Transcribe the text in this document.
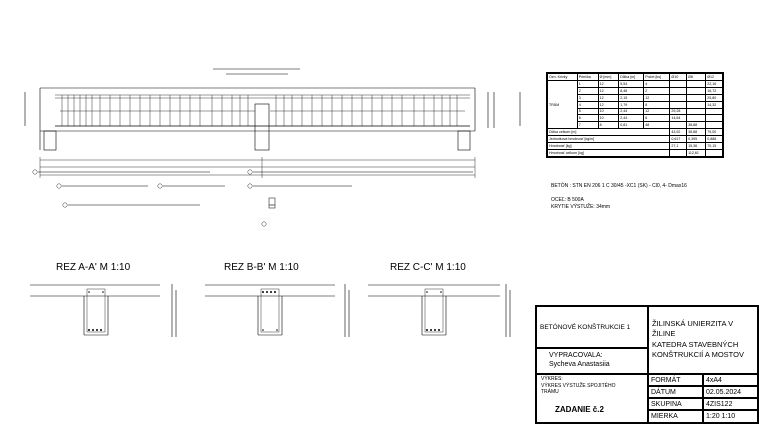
REZ A-A' M 1:10	REZ B-B' M 1:10	REZ C-C' M 1:10
BETÓN : STN EN 206 1 C 30/45 -XC1 (SK) - Cl0, 4- Dmax16
OCEĽ: B 500A
KRYTIE VÝSTUŽE: 34mm
Ozn. Krivky	Priečka	Ø [mm]	Dĺžka [m]	Počet [ks]	Ø10	Ø8	Ø12
TRÁM	1	12	5,54	4			22,16
	2	12	8,48	2			16,72
	3	12	2,15	12			25,80
	4	12	1,79	8			14,32
	5	10	2,44	12	29,28		
	6	10	2,44	6	14,64		
	7	8	0,81	48		38,88	
Dĺžka celkom [m]					43,92	38,88	79,00
Jednotková hmotnosť [kg/m]					0,617	0,395	0,888
Hmotnosť [kg]					27,1	15,36	70,15
Hmotnosť celkom [kg]						112,61	
BETÓNOVÉ KONŠTRUKCIE 1
VYPRACOVALA:
Sycheva Anastasiia
VÝKRES:
VÝKRES VÝSTUŽE SPOJITÉHO
TRÁMU
ZADANIE č.2
ŽILINSKÁ UNIERZITA V
ŽILINE
KATEDRA STAVEBNÝCH
KONŠTRUKCIÍ A MOSTOV
FORMÁT	4xA4
DÁTUM	02.05.2024
SKUPINA	4ZIS122
MIERKA	1:20 1:10
